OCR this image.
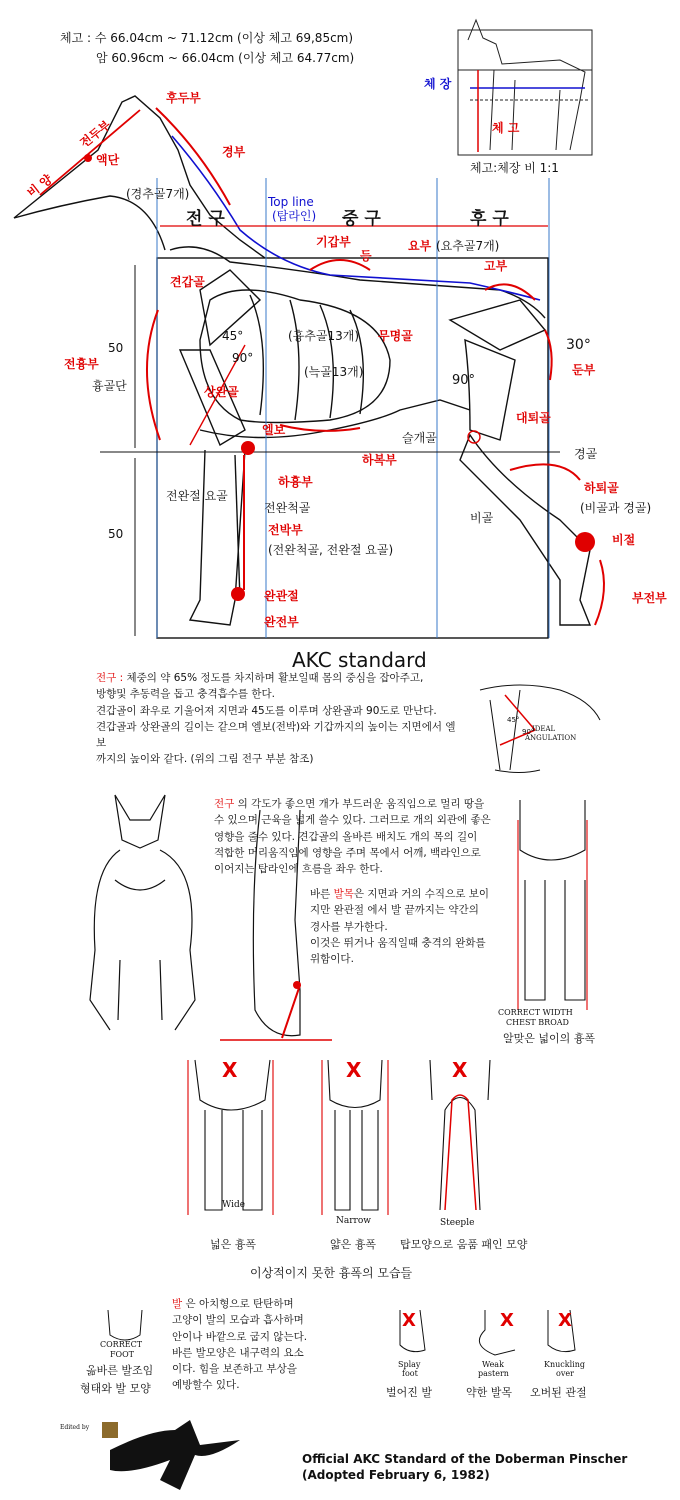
체고 : 수 66.04cm ~ 71.12cm (이상 체고 69,85cm)
암 60.96cm ~ 66.04cm (이상 체고 64.77cm)
체 장
체 고
체고:체장 비 1:1
후두부
전두부
비 양
액단
경부
(경추골7개)
Top line
(탑라인)
전 구	중 구	후 구
기갑부
등
요부 (요추골7개)
고부
견갑골
(흉추골13개) 무명골
(늑골13개)
45°
90°
30°
90°
50
50
전흉부
흉골단	상완골
둔부
대퇴골
슬개골
엘보
하복부	경골
하흉부	하퇴골
(비골과 경골)
전완절 요골
전완척골
비골
전박부
(전완척골, 전완절 요골)
비절
완관절	부전부
완전부
AKC standard
전구 : 체중의 약 65% 정도를 차지하며 활보일때 몸의 중심을 잡아주고,
방향및 추동력을 돕고 충격흡수를 한다.
견갑골이 좌우로 기울어져 지면과 45도를 이루며 상완골과 90도로 만난다.
견갑골과 상완골의 길이는 같으며 엘보(전박)와 기갑까지의 높이는 지면에서 엘보
까지의 높이와 같다. (위의 그림 전구 부분 참조)
IDEAL
ANGULATION
45°
90°
전구 의 각도가 좋으면 개가 부드러운 움직임으로 멀리 땅을
수 있으며 근육을 넓게 쓸수 있다. 그러므로 개의 외관에 좋은
영향을 줄수 있다. 견갑골의 올바른 배치도 개의 목의 길이
적합한 머리움직임에 영향을 주며 목에서 어깨, 백라인으로
이어지는 탑라인에 흐름을 좌우 한다.
바른 발목은 지면과 거의 수직으로 보이
지만 완관절 에서 발 끝까지는 약간의
경사를 부가한다.
이것은 뛰거나 움직일때 충격의 완화를
위함이다.
CORRECT WIDTH
CHEST BROAD
알맞은 넓이의 흉폭
X	X	X
Wide
Narrow	Steeple
넓은 흉폭	얇은 흉폭 탑모양으로 움품 패인 모양
이상적이지 못한 흉폭의 모습들
CORRECT
FOOT
옮바른 발조임
형태와 발 모양
발 은 아치형으로 탄탄하며
고양이 발의 모습과 흡사하며
안이나 바깥으로 굽지 않는다.
바른 발모양은 내구력의 요소
이다. 힘을 보존하고 부상을
예방할수 있다.
X	X X
Splay
foot
Weak
pastern
Knuckling
over
벌어진 발	약한 발목 오버된 관절
Edited by
Official AKC Standard of the Doberman Pinscher
(Adopted February 6, 1982)
